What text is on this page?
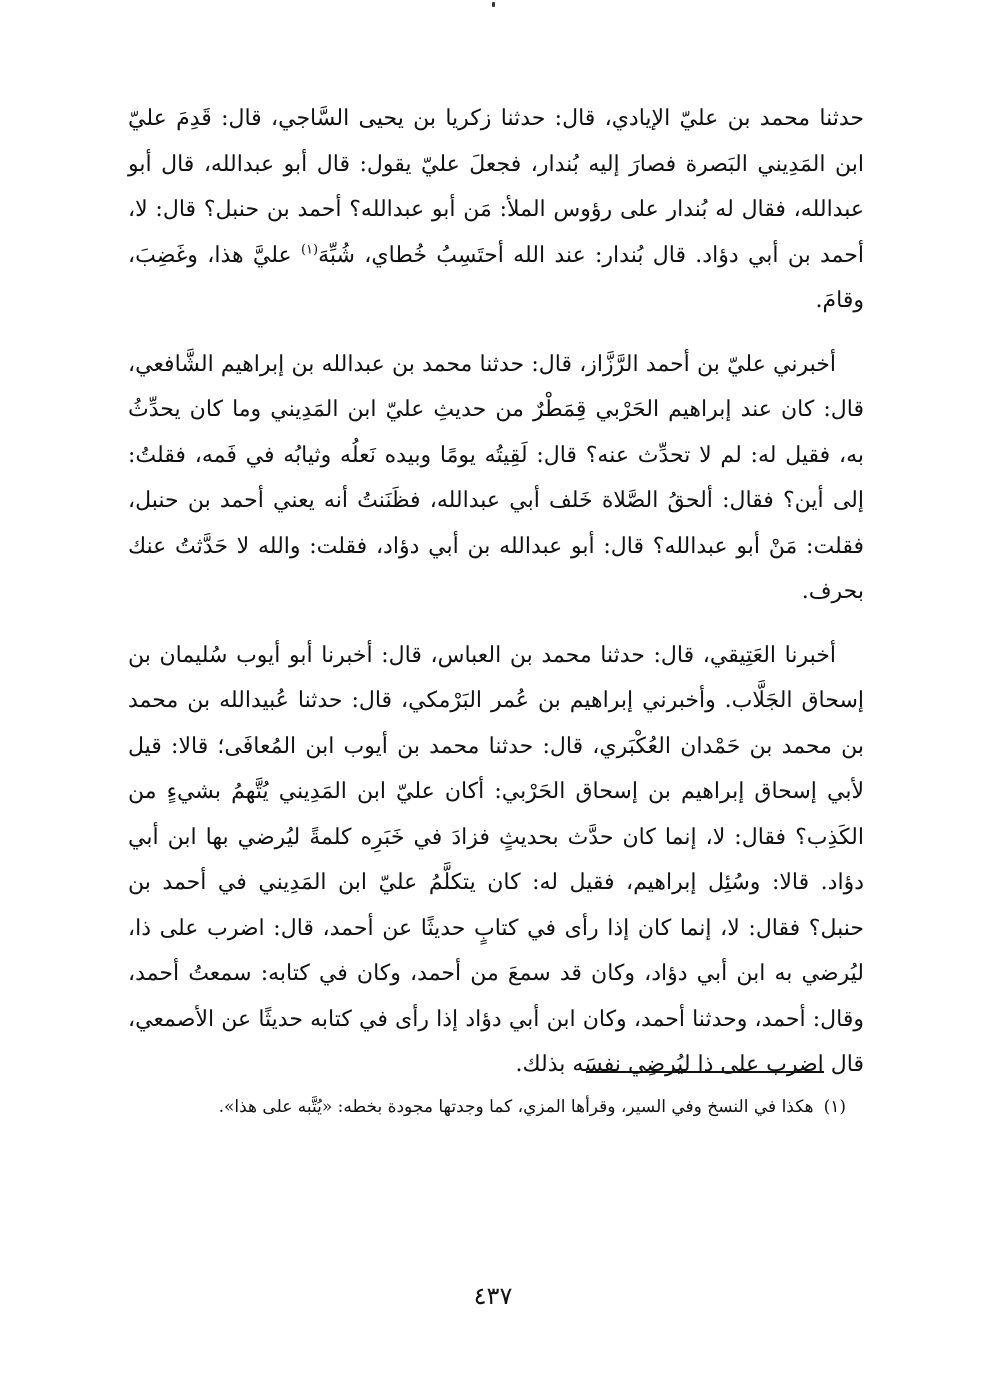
حدثنا محمد بن عليّ الإيادي، قال: حدثنا زكريا بن يحيى السَّاجي، قال: قَدِمَ عليّ ابن المَدِيني البَصرة فصارَ إليه بُندار، فجعلَ عليّ يقول: قال أبو عبدالله، قال أبو عبدالله، فقال له بُندار على رؤوس الملأ: مَن أبو عبدالله؟ أحمد بن حنبل؟ قال: لا، أحمد بن أبي دؤاد. قال بُندار: عند الله أحتَسِبُ خُطاي، شُبِّهَ$^{(١)}$ عليَّ هذا، وغَضِبَ، وقامَ.

أخبرني عليّ بن أحمد الرَّزَّاز، قال: حدثنا محمد بن عبدالله بن إبراهيم الشَّافعي، قال: كان عند إبراهيم الحَرْبي قِمَطْرٌ من حديثِ عليّ ابن المَدِيني وما كان يحدِّثُ به، فقيل له: لم لا تحدِّث عنه؟ قال: لَقِيتُه يومًا وبيده نَعلُه وثيابُه في فَمه، فقلتُ: إلى أين؟ فقال: ألحقُ الصَّلاة خَلف أبي عبدالله، فظَنَنتُ أنه يعني أحمد بن حنبل، فقلت: مَنْ أبو عبدالله؟ قال: أبو عبدالله بن أبي دؤاد، فقلت: والله لا حَدَّثتُ عنك بحرف.

أخبرنا العَتِيقي، قال: حدثنا محمد بن العباس، قال: أخبرنا أبو أيوب سُليمان بن إسحاق الجَلَّاب. وأخبرني إبراهيم بن عُمر البَرْمكي، قال: حدثنا عُبيدالله بن محمد بن محمد بن حَمْدان العُكْبَري، قال: حدثنا محمد بن أيوب ابن المُعافَى؛ قالا: قيل لأبي إسحاق إبراهيم بن إسحاق الحَرْبي: أكان عليّ ابن المَدِيني يُتَّهمُ بشيءٍ من الكَذِب؟ فقال: لا، إنما كان حدَّث بحديثٍ فزادَ في خَبَرِه كلمةً ليُرضي بها ابن أبي دؤاد. قالا: وسُئِل إبراهيم، فقيل له: كان يتكلَّمُ عليّ ابن المَدِيني في أحمد بن حنبل؟ فقال: لا، إنما كان إذا رأى في كتابٍ حديثًا عن أحمد، قال: اضرب على ذا، ليُرضي به ابن أبي دؤاد، وكان قد سمعَ من أحمد، وكان في كتابه: سمعتُ أحمد، وقال: أحمد، وحدثنا أحمد، وكان ابن أبي دؤاد إذا رأى في كتابه حديثًا عن الأصمعي، قال اضرب على ذا ليُرضِي نفسَه بذلك.

(١)هكذا في النسخ وفي السير، وقرأها المزي، كما وجدتها مجودة بخطه: «يُتَّبه على هذا».

٤٣٧
